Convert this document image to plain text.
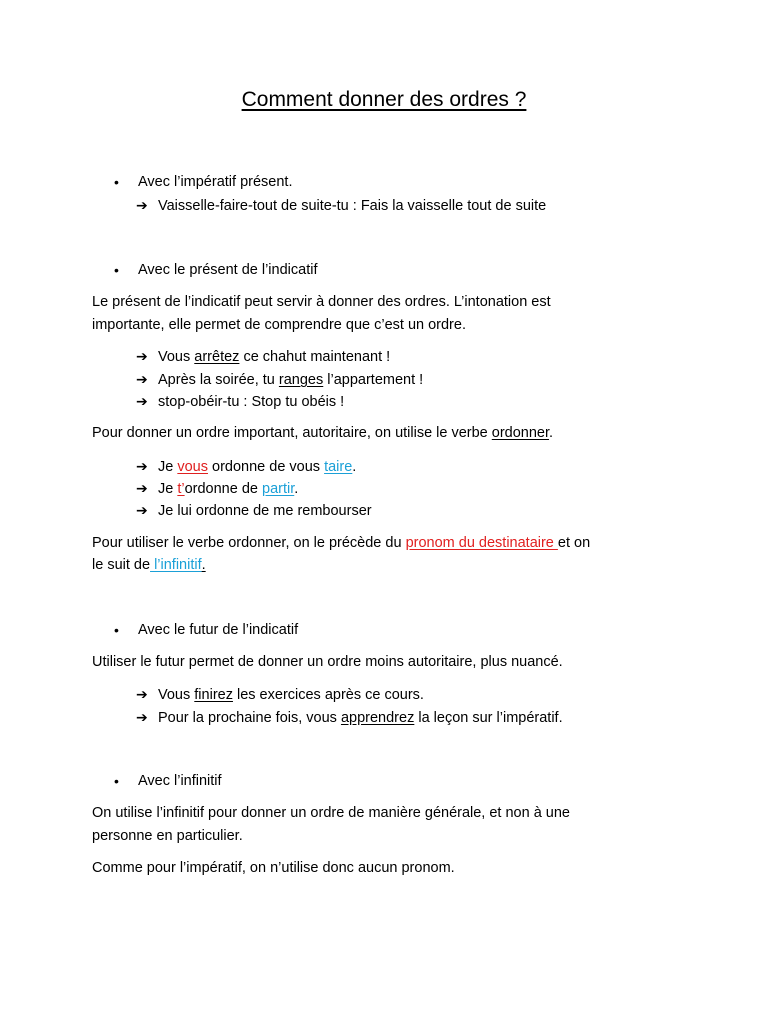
Comment donner des ordres ?
• Avec l’impératif présent.
➔ Vaisselle-faire-tout de suite-tu : Fais la vaisselle tout de suite
• Avec le présent de l’indicatif
Le présent de l’indicatif peut servir à donner des ordres. L’intonation est
importante, elle permet de comprendre que c’est un ordre.
➔ Vous arrêtez ce chahut maintenant !
➔ Après la soirée, tu ranges l’appartement !
➔ stop-obéir-tu : Stop tu obéis !
Pour donner un ordre important, autoritaire, on utilise le verbe ordonner.
➔ Je vous ordonne de vous taire.
➔ Je t’ordonne de partir.
➔ Je lui ordonne de me rembourser
Pour utiliser le verbe ordonner, on le précède du pronom du destinataire et on
le suit de l’infinitif.
• Avec le futur de l’indicatif
Utiliser le futur permet de donner un ordre moins autoritaire, plus nuancé.
➔ Vous finirez les exercices après ce cours.
➔ Pour la prochaine fois, vous apprendrez la leçon sur l’impératif.
• Avec l’infinitif
On utilise l’infinitif pour donner un ordre de manière générale, et non à une
personne en particulier.
Comme pour l’impératif, on n’utilise donc aucun pronom.
